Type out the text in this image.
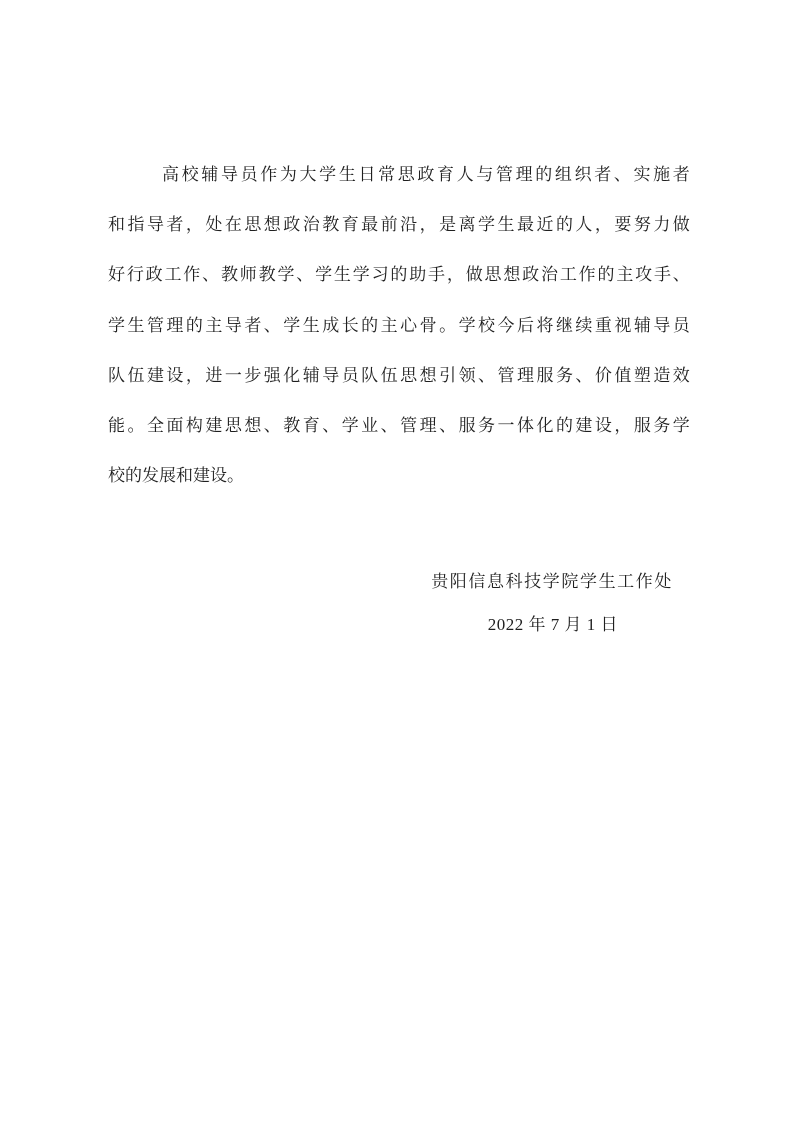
高校辅导员作为大学生日常思政育人与管理的组织者、实施者
和指导者，处在思想政治教育最前沿，是离学生最近的人，要努力做
好行政工作、教师教学、学生学习的助手，做思想政治工作的主攻手、
学生管理的主导者、学生成长的主心骨。学校今后将继续重视辅导员
队伍建设，进一步强化辅导员队伍思想引领、管理服务、价值塑造效
能。全面构建思想、教育、学业、管理、服务一体化的建设，服务学
校的发展和建设。
贵阳信息科技学院学生工作处
2022 年 7 月 1 日
